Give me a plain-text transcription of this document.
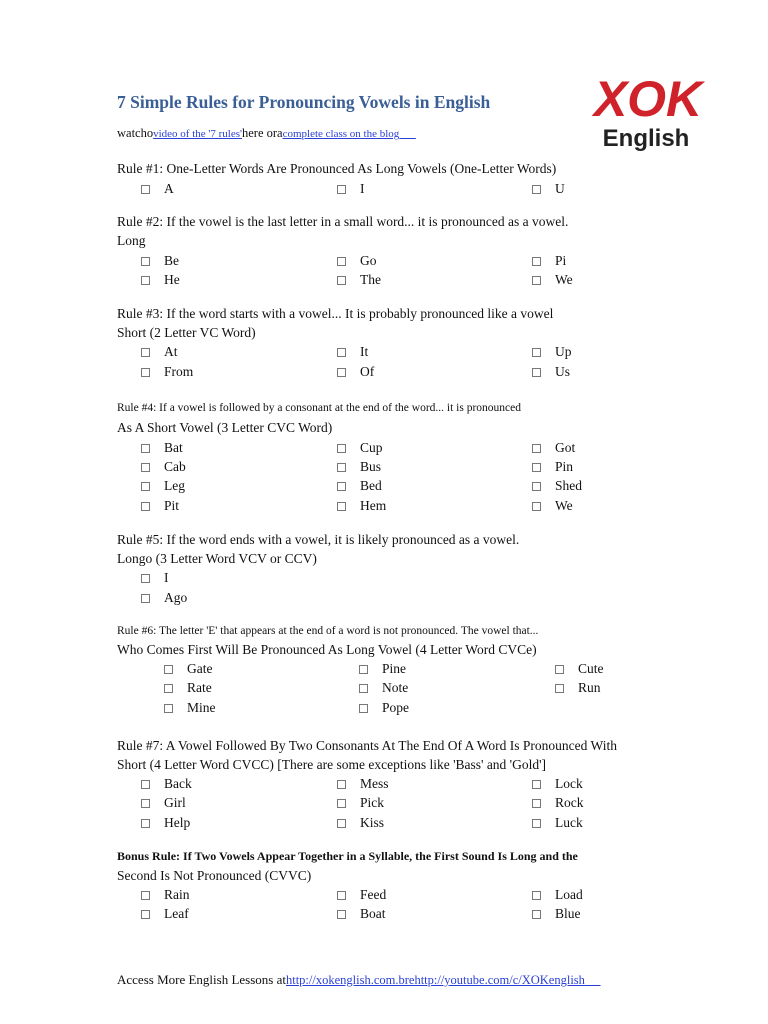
7 Simple Rules for Pronouncing Vowels in English XOK
English
watchovideo of the '7 rules'here oracomplete class on the blog
Rule #1: One-Letter Words Are Pronounced As Long Vowels (One-Letter Words)
A	I	U
Rule #2: If the vowel is the last letter in a small word... it is pronounced as a vowel.
Long
Be	Go	Pi
He	The	We
Rule #3: If the word starts with a vowel... It is probably pronounced like a vowel
Short (2 Letter VC Word)
At	It	Up
From	Of	Us
Rule #4: If a vowel is followed by a consonant at the end of the word... it is pronounced
As A Short Vowel (3 Letter CVC Word)
Bat	Cup	Got
Cab	Bus	Pin
Leg	Bed	Shed
Pit	Hem	We
Rule #5: If the word ends with a vowel, it is likely pronounced as a vowel.
Longo (3 Letter Word VCV or CCV)
I
Ago
Rule #6: The letter 'E' that appears at the end of a word is not pronounced. The vowel that...
Who Comes First Will Be Pronounced As Long Vowel (4 Letter Word CVCe)
Gate	Pine	Cute
Rate	Note	Run
Mine	Pope
Rule #7: A Vowel Followed By Two Consonants At The End Of A Word Is Pronounced With
Short (4 Letter Word CVCC) [There are some exceptions like 'Bass' and 'Gold']
Back	Mess	Lock
Girl	Pick	Rock
Help	Kiss	Luck
Bonus Rule: If Two Vowels Appear Together in a Syllable, the First Sound Is Long and the
Second Is Not Pronounced (CVVC)
Rain	Feed	Load
Leaf	Boat	Blue
Access More English Lessons athttp://xokenglish.com.brehttp://youtube.com/c/XOKenglish
